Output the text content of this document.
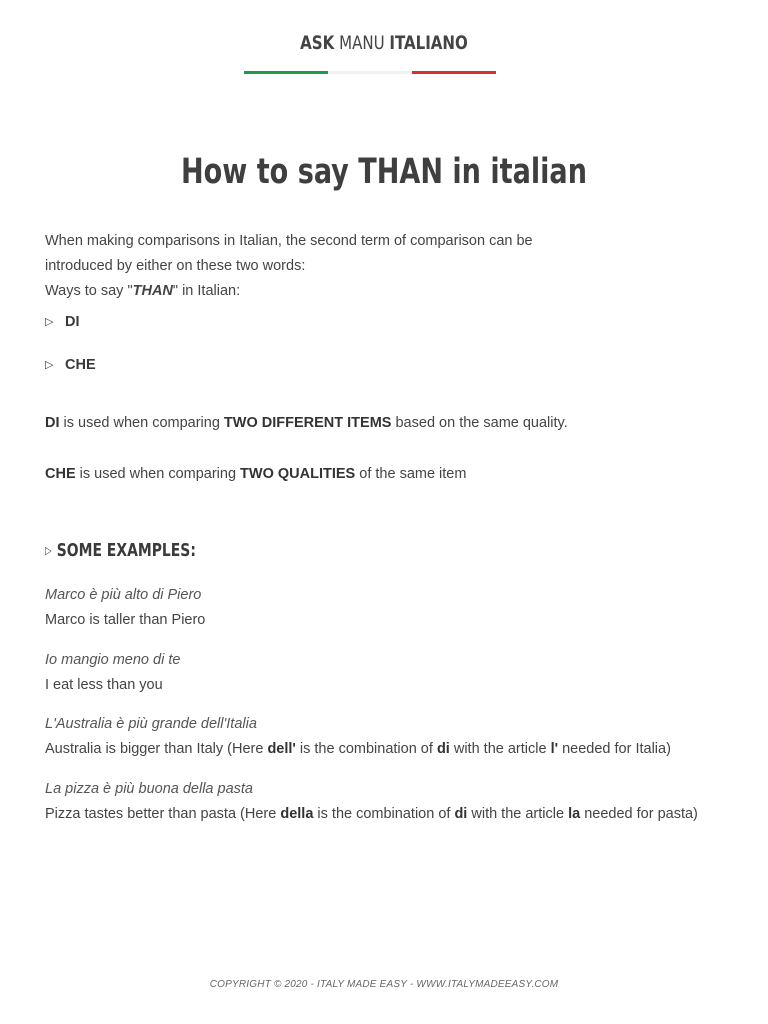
ASK MANU ITALIANO
How to say THAN in italian

When making comparisons in Italian, the second term of comparison can be

introduced by either on these two words:

Ways to say "THAN" in Italian:

▷ DI
▷ CHE

DI is used when comparing TWO DIFFERENT ITEMS based on the same quality.

CHE is used when comparing TWO QUALITIES of the same item

▷ SOME EXAMPLES:
Marco è più alto di Piero
Marco is taller than Piero
Io mangio meno di te
I eat less than you
L'Australia è più grande dell'Italia
Australia is bigger than Italy (Here dell' is the combination of di with the article l' needed for Italia)
La pizza è più buona della pasta
Pizza tastes better than pasta (Here della is the combination of di with the article la needed for pasta)
COPYRIGHT © 2020 - ITALY MADE EASY - WWW.ITALYMADEEASY.COM
